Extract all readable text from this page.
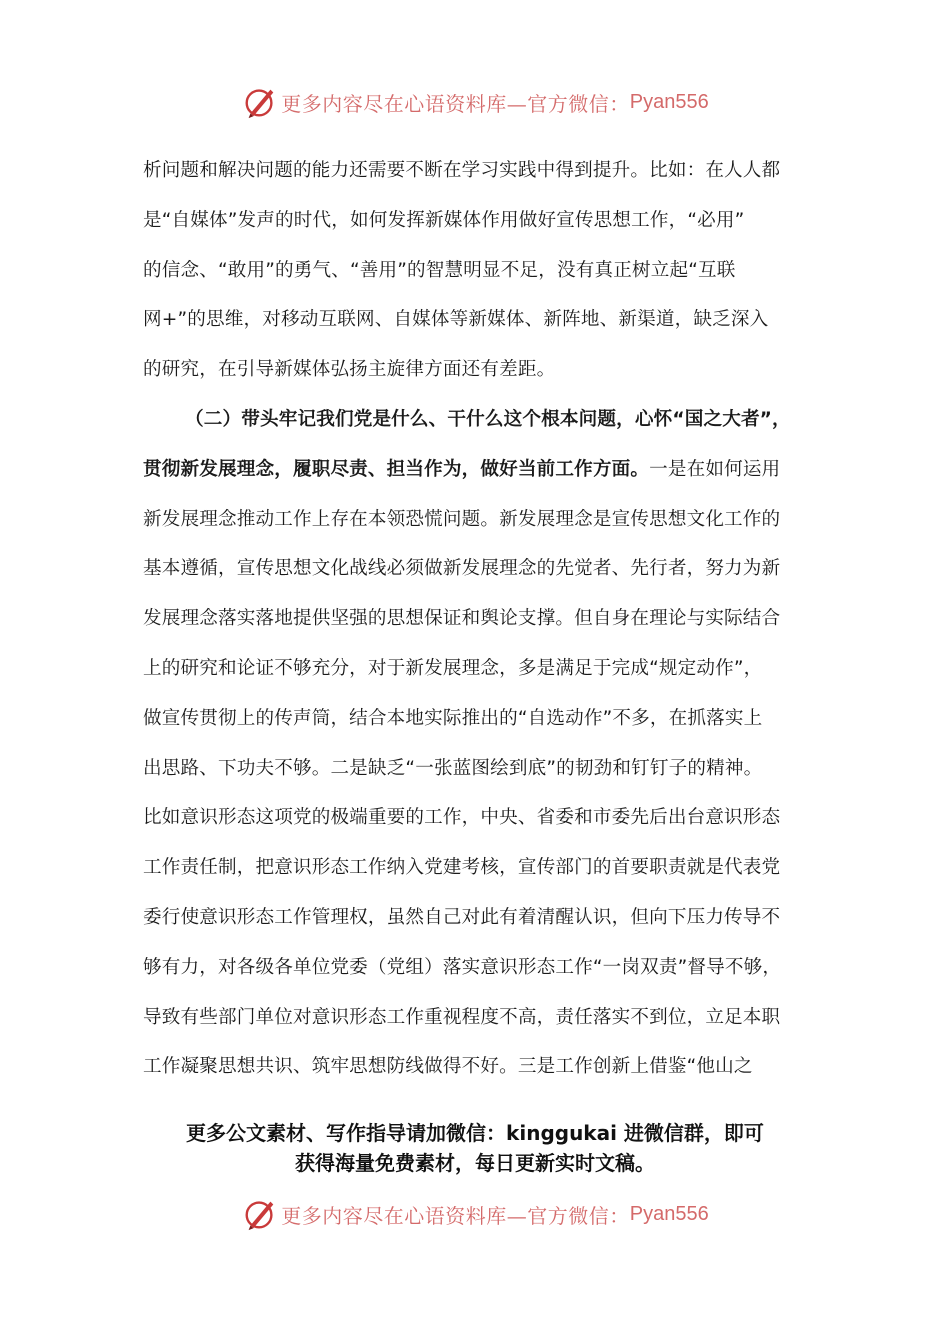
更多内容尽在心语资料库—官方微信： Pyan556
析问题和解决问题的能力还需要不断在学习实践中得到提升。比如：在人人都
是“自媒体”发声的时代，如何发挥新媒体作用做好宣传思想工作，“必用”
的信念、“敢用”的勇气、“善用”的智慧明显不足，没有真正树立起“互联
网+”的思维，对移动互联网、自媒体等新媒体、新阵地、新渠道，缺乏深入
的研究，在引导新媒体弘扬主旋律方面还有差距。
（二）带头牢记我们党是什么、干什么这个根本问题，心怀“国之大者”，
贯彻新发展理念，履职尽责、担当作为，做好当前工作方面。一是在如何运用
新发展理念推动工作上存在本领恐慌问题。新发展理念是宣传思想文化工作的
基本遵循，宣传思想文化战线必须做新发展理念的先觉者、先行者，努力为新
发展理念落实落地提供坚强的思想保证和舆论支撑。但自身在理论与实际结合
上的研究和论证不够充分，对于新发展理念，多是满足于完成“规定动作”，
做宣传贯彻上的传声筒，结合本地实际推出的“自选动作”不多，在抓落实上
出思路、下功夫不够。二是缺乏“一张蓝图绘到底”的韧劲和钉钉子的精神。
比如意识形态这项党的极端重要的工作，中央、省委和市委先后出台意识形态
工作责任制，把意识形态工作纳入党建考核，宣传部门的首要职责就是代表党
委行使意识形态工作管理权，虽然自己对此有着清醒认识，但向下压力传导不
够有力，对各级各单位党委（党组）落实意识形态工作“一岗双责”督导不够，
导致有些部门单位对意识形态工作重视程度不高，责任落实不到位，立足本职
工作凝聚思想共识、筑牢思想防线做得不好。三是工作创新上借鉴“他山之
更多公文素材、写作指导请加微信：kinggukai 进微信群，即可
获得海量免费素材，每日更新实时文稿。
更多内容尽在心语资料库—官方微信： Pyan556
